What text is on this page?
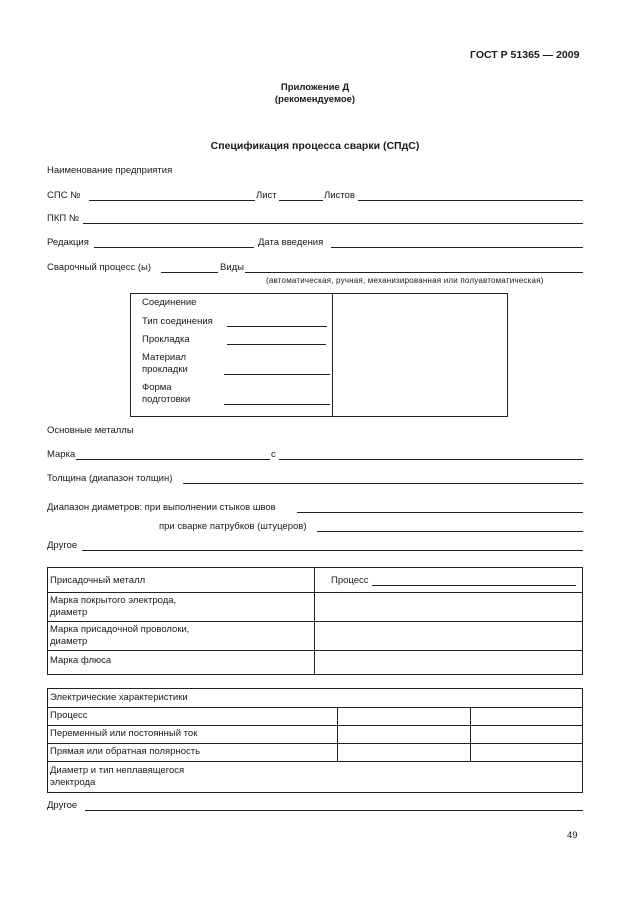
ГОСТ Р 51365 — 2009
Приложение Д
(рекомендуемое)
Спецификация процесса сварки (СПдС)
Наименование предприятия
СПС №	Лист	Листов
ПКП №
Редакция	Дата введения
Сварочный процесс (ы)	Виды
(автоматическая, ручная, механизированная или полуавтоматическая)
Соединение
Тип соединения
Прокладка
Материал
прокладки
Форма
подготовки
Основные металлы
Марка	с
Толщина (диапазон толщин)
Диапазон диаметров: при выполнении стыков швов
при сварке патрубков (штуцеров)
Другое
Присадочный металл	Процесс
Марка покрытого электрода,
диаметр
Марка присадочной проволоки,
диаметр
Марка флюса
Электрические характеристики
Процесс
Переменный или постоянный ток
Прямая или обратная полярность
Диаметр и тип неплавящегося
электрода
Другое
49
